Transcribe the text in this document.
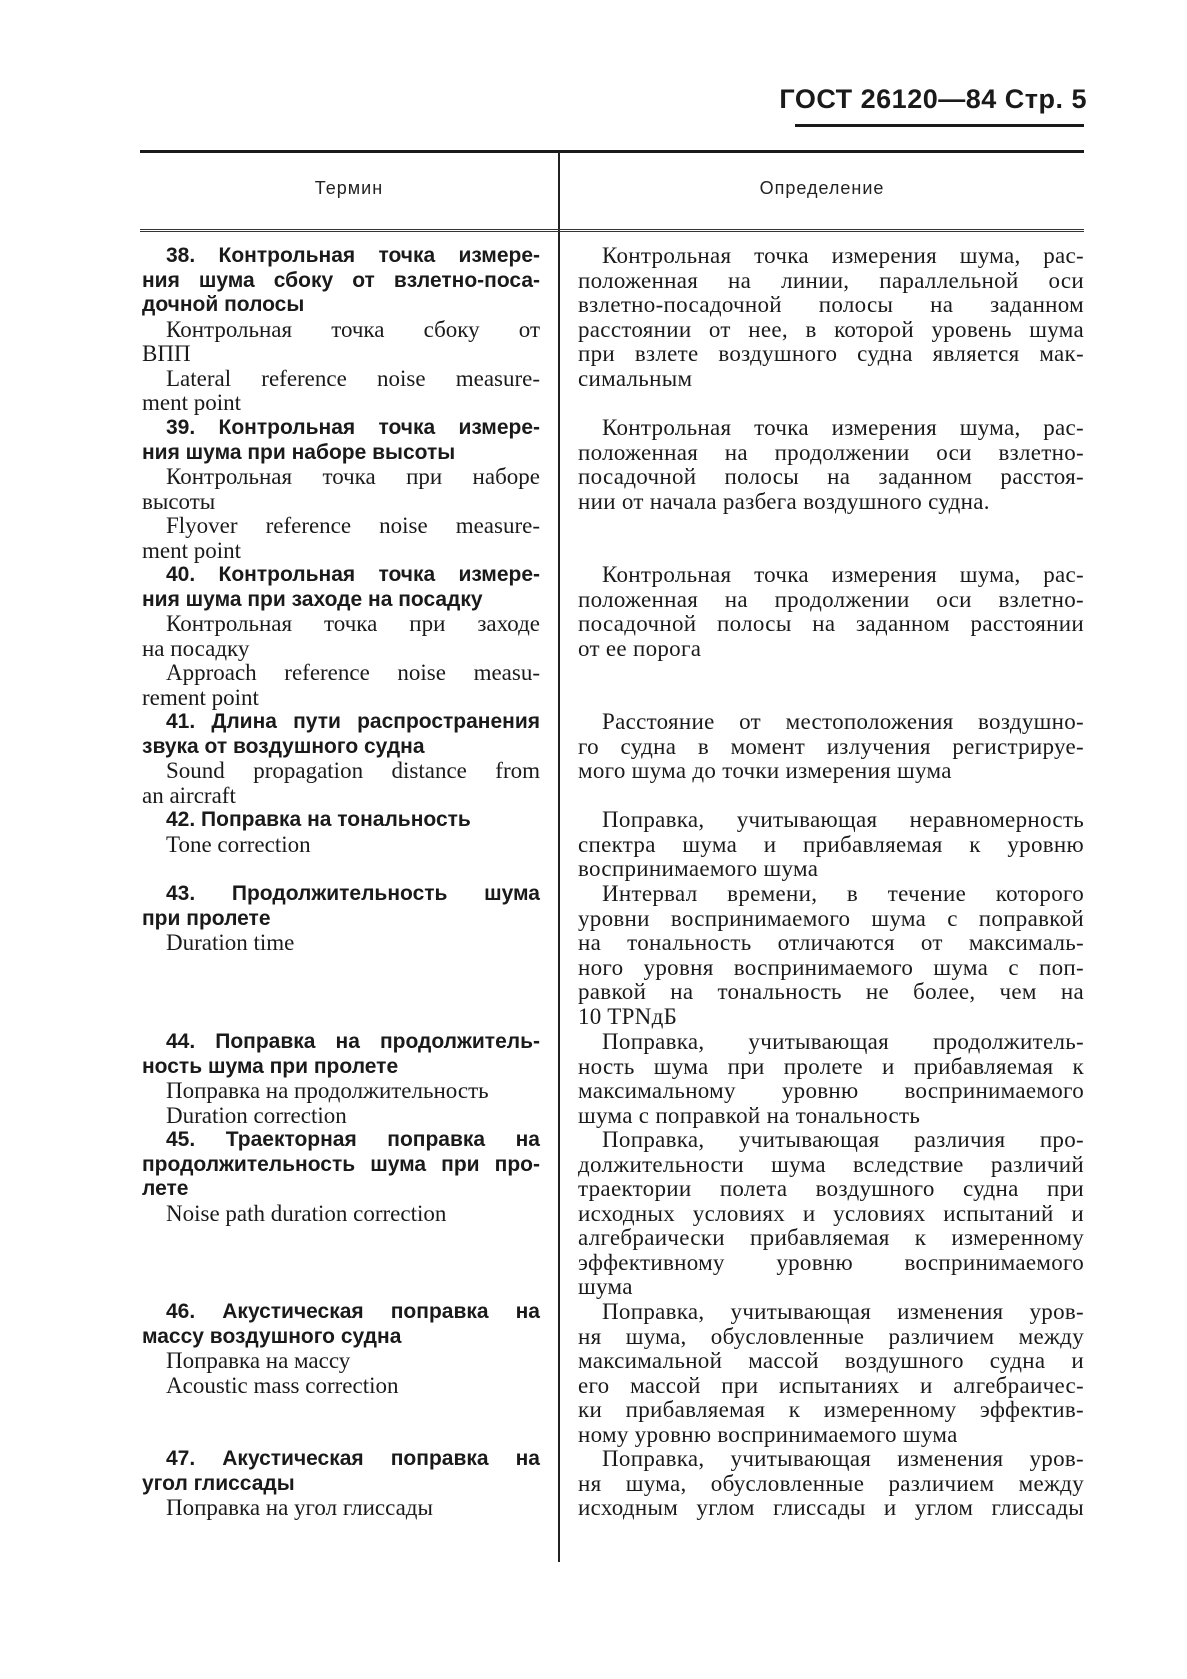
ГОСТ 26120—84 Стр. 5
Термин	Определение
38. Контрольная точка измере-
ния шума сбоку от взлетно-поса-
дочной полосы
Контрольная точка сбоку от
ВПП
Lateral reference noise measure-
ment point
39. Контрольная точка измере-
ния шума при наборе высоты
Контрольная точка при наборе
высоты
Flyover reference noise measure-
ment point
40. Контрольная точка измере-
ния шума при заходе на посадку
Контрольная точка при заходе
на посадку
Approach reference noise measu-
rement point
41. Длина пути распространения
звука от воздушного судна
Sound propagation distance from
an aircraft
42. Поправка на тональность
Tone correction
43. Продолжительность шума
при пролете
Duration time
44. Поправка на продолжитель-
ность шума при пролете
Поправка на продолжительность
Duration correction
45. Траекторная поправка на
продолжительность шума при про-
лете
Noise path duration correction
46. Акустическая поправка на
массу воздушного судна
Поправка на массу
Acoustic mass correction
47. Акустическая поправка на
угол глиссады
Поправка на угол глиссады
Контрольная точка измерения шума, рас-
положенная на линии, параллельной оси
взлетно-посадочной полосы на заданном
расстоянии от нее, в которой уровень шума
при взлете воздушного судна является мак-
симальным
Контрольная точка измерения шума, рас-
положенная на продолжении оси взлетно-
посадочной полосы на заданном расстоя-
нии от начала разбега воздушного судна.
Контрольная точка измерения шума, рас-
положенная на продолжении оси взлетно-
посадочной полосы на заданном расстоянии
от ее порога
Расстояние от местоположения воздушно-
го судна в момент излучения регистрируе-
мого шума до точки измерения шума
Поправка, учитывающая неравномерность
спектра шума и прибавляемая к уровню
воспринимаемого шума
Интервал времени, в течение которого
уровни воспринимаемого шума с поправкой
на тональность отличаются от максималь-
ного уровня воспринимаемого шума с поп-
равкой на тональность не более, чем на
10 TPNдБ
Поправка, учитывающая продолжитель-
ность шума при пролете и прибавляемая к
максимальному уровню воспринимаемого
шума с поправкой на тональность
Поправка, учитывающая различия про-
должительности шума вследствие различий
траектории полета воздушного судна при
исходных условиях и условиях испытаний и
алгебраически прибавляемая к измеренному
эффективному уровню воспринимаемого
шума
Поправка, учитывающая изменения уров-
ня шума, обусловленные различием между
максимальной массой воздушного судна и
его массой при испытаниях и алгебраичес-
ки прибавляемая к измеренному эффектив-
ному уровню воспринимаемого шума
Поправка, учитывающая изменения уров-
ня шума, обусловленные различием между
исходным углом глиссады и углом глиссады
